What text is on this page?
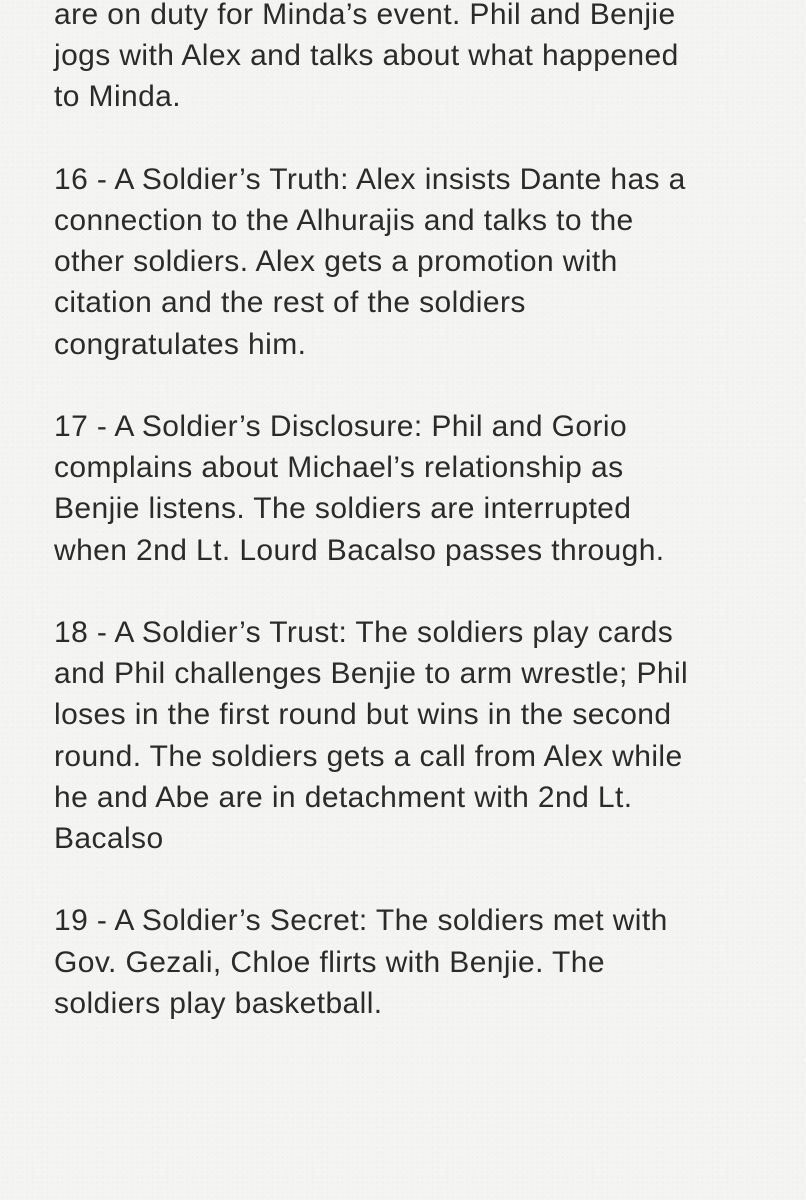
are on duty for Minda’s event. Phil and Benjie
jogs with Alex and talks about what happened
to Minda.

16 - A Soldier’s Truth: Alex insists Dante has a
connection to the Alhurajis and talks to the
other soldiers. Alex gets a promotion with
citation and the rest of the soldiers
congratulates him.

17 - A Soldier’s Disclosure: Phil and Gorio
complains about Michael’s relationship as
Benjie listens. The soldiers are interrupted
when 2nd Lt. Lourd Bacalso passes through.

18 - A Soldier’s Trust: The soldiers play cards
and Phil challenges Benjie to arm wrestle; Phil
loses in the first round but wins in the second
round. The soldiers gets a call from Alex while
he and Abe are in detachment with 2nd Lt.
Bacalso

19 - A Soldier’s Secret: The soldiers met with
Gov. Gezali, Chloe flirts with Benjie. The
soldiers play basketball.
